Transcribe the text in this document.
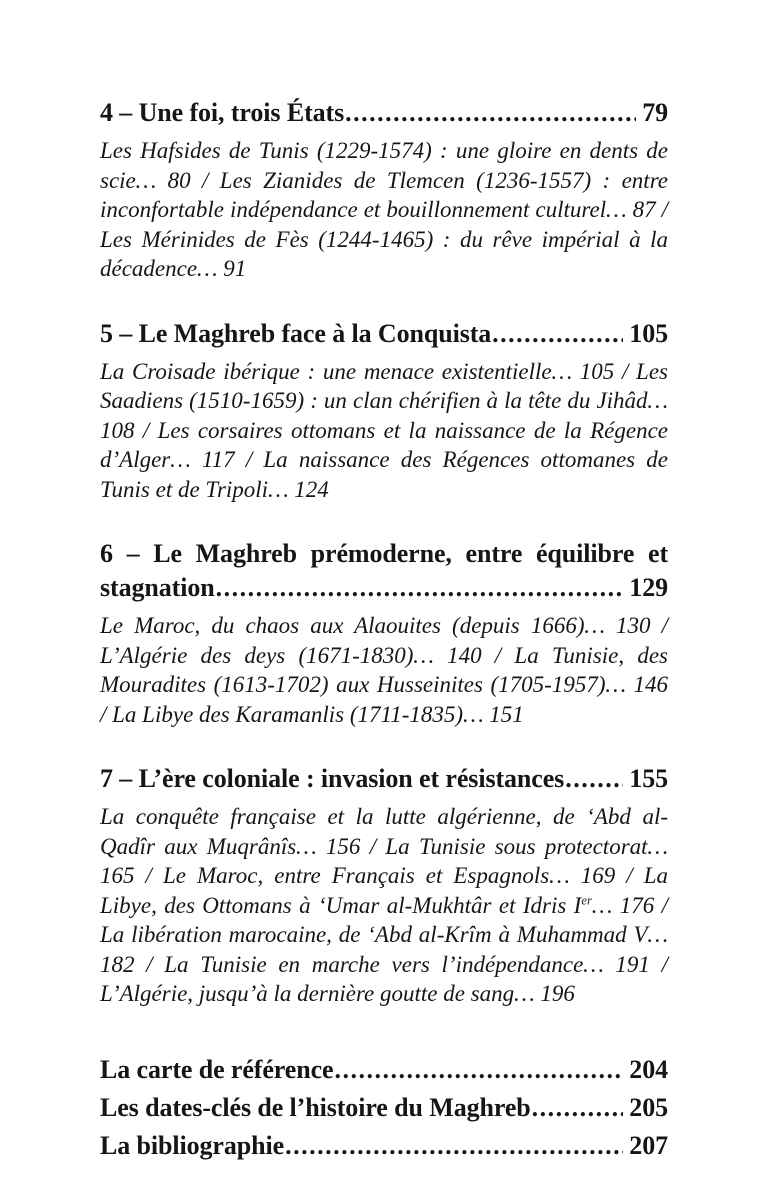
4 – Une foi, trois États .....	79

Les Hafsides de Tunis (1229-1574) : une gloire en dents de scie… 80 / Les Zianides de Tlemcen (1236-1557) : entre inconfortable indépendance et bouillonnement culturel… 87 / Les Mérinides de Fès (1244-1465) : du rêve impérial à la décadence… 91

5 – Le Maghreb face à la Conquista .....	105

La Croisade ibérique : une menace existentielle… 105 / Les Saadiens (1510-1659) : un clan chérifien à la tête du Jihâd… 108 / Les corsaires ottomans et la naissance de la Régence d’Alger… 117 / La naissance des Régences ottomanes de Tunis et de Tripoli… 124

6 – Le Maghreb prémoderne, entre équilibre et
stagnation .....	129

Le Maroc, du chaos aux Alaouites (depuis 1666)… 130 / L’Algérie des deys (1671-1830)… 140 / La Tunisie, des Mouradites (1613-1702) aux Husseinites (1705-1957)… 146 / La Libye des Karamanlis (1711-1835)… 151

7 – L’ère coloniale : invasion et résistances .....	155

La conquête française et la lutte algérienne, de ‘Abd al-Qadîr aux Muqrânîs… 156 / La Tunisie sous protectorat… 165 / Le Maroc, entre Français et Espagnols… 169 / La Libye, des Ottomans à ‘Umar al-Mukhtâr et Idris Ier… 176 / La libération marocaine, de ‘Abd al-Krîm à Muhammad V… 182 / La Tunisie en marche vers l’indépendance… 191 / L’Algérie, jusqu’à la dernière goutte de sang… 196

La carte de référence .....	204
Les dates-clés de l’histoire du Maghreb .....	205
La bibliographie .....	207
